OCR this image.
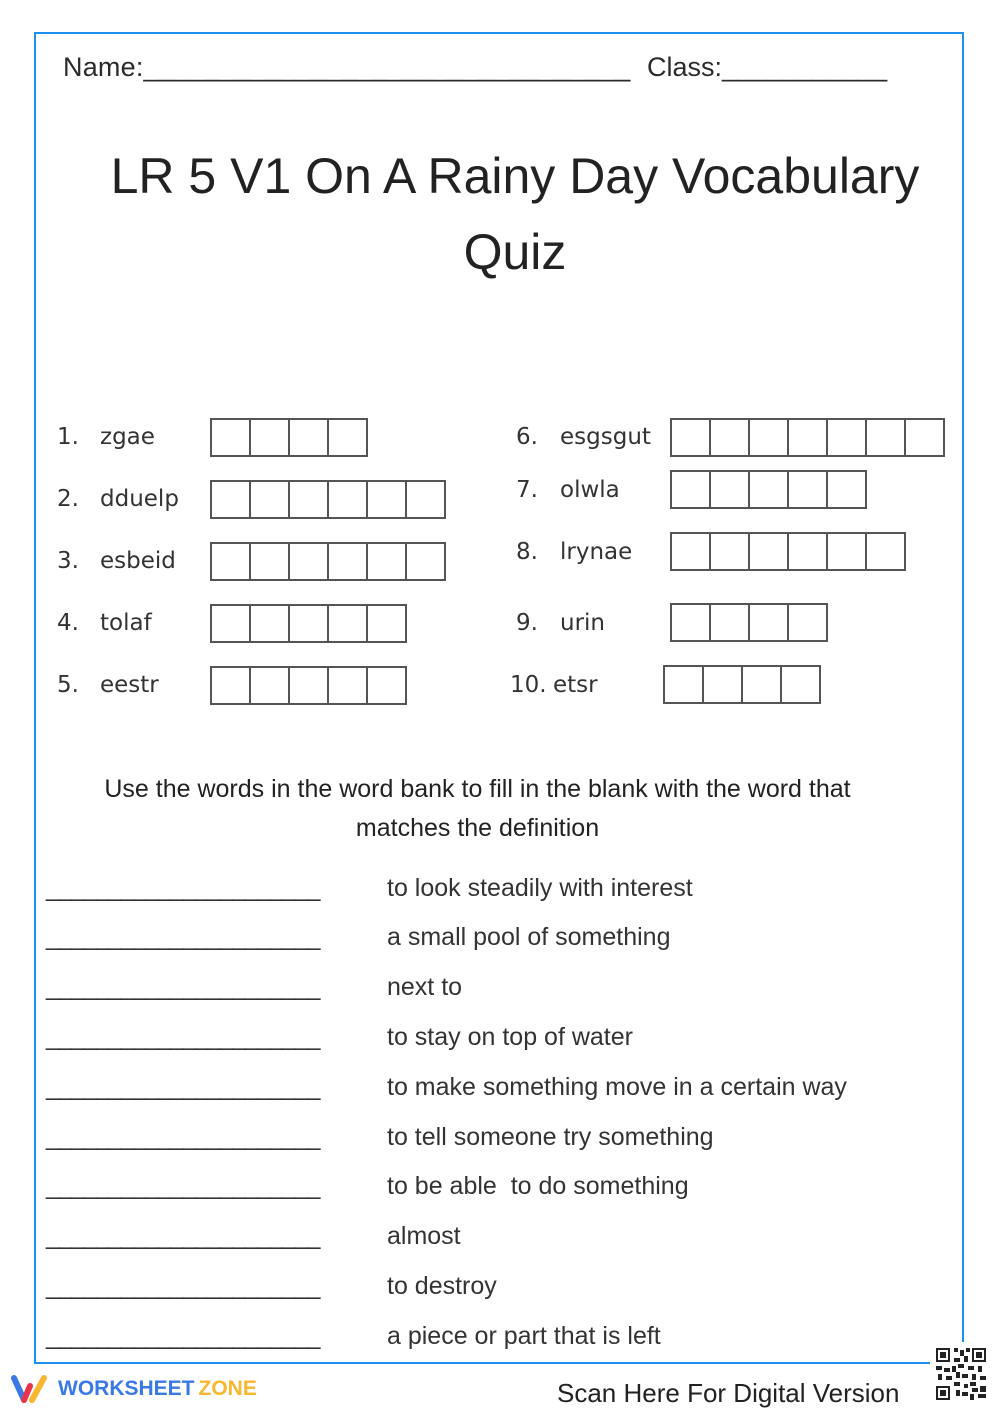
Name:________________________________ Class:___________
LR 5 V1 On A Rainy Day Vocabulary
Quiz
1. zgae
2. dduelp
3. esbeid
4. tolaf
5. eestr
6. esgsgut
7. olwla
8. lrynae
9. urin
10. etsr
Use the words in the word bank to fill in the blank with the word that
matches the definition
______________________	to look steadily with interest
______________________	a small pool of something
______________________	next to
______________________	to stay on top of water
______________________	to make something move in a certain way
______________________	to tell someone try something
______________________	to be able  to do something
______________________	almost
______________________	to destroy
______________________	a piece or part that is left
WORKSHEET ZONE	Scan Here For Digital Version
